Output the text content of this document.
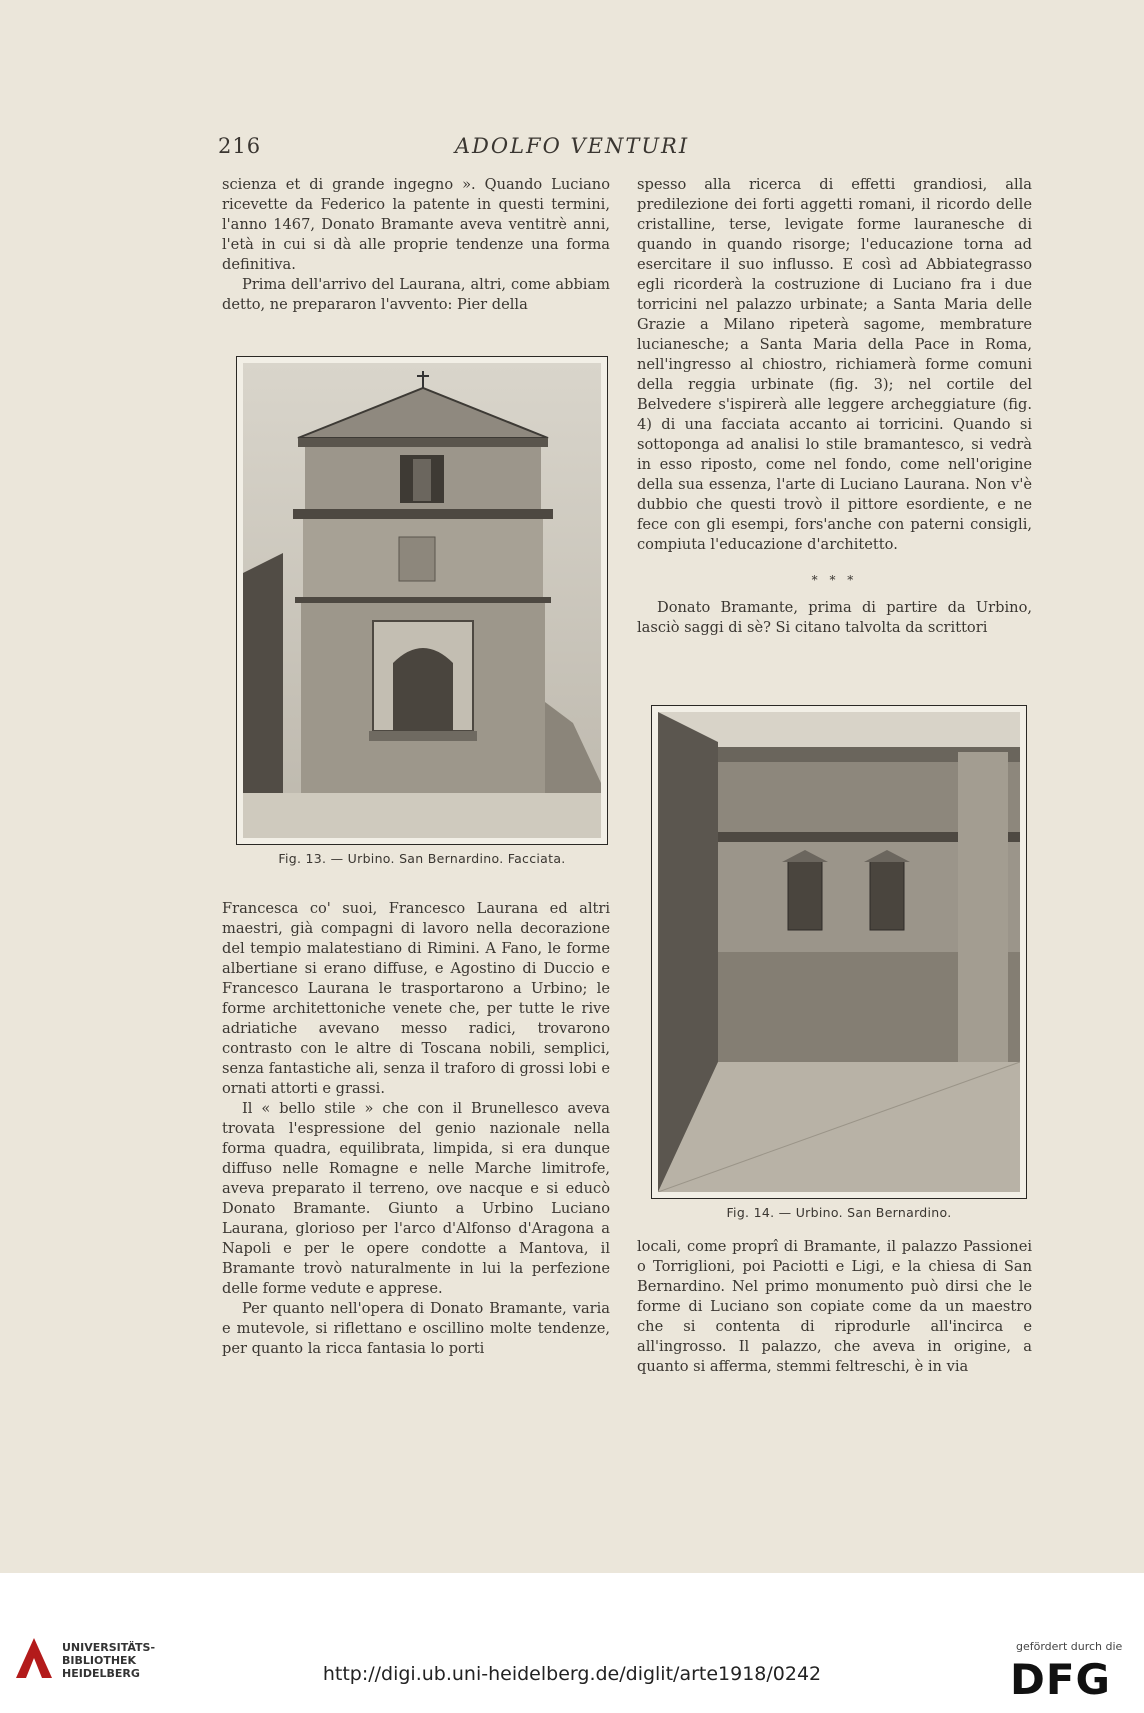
216	ADOLFO VENTURI

scienza et di grande ingegno ». Quando Luciano ricevette da Federico la patente in questi termini, l'anno 1467, Donato Bramante aveva ventitrè anni, l'età in cui si dà alle proprie tendenze una forma definitiva.

Prima dell'arrivo del Laurana, altri, come abbiam detto, ne prepararon l'avvento: Pier della

Fig. 13. — Urbino. San Bernardino. Facciata.

Francesca co' suoi, Francesco Laurana ed altri maestri, già compagni di lavoro nella decorazione del tempio malatestiano di Rimini. A Fano, le forme albertiane si erano diffuse, e Agostino di Duccio e Francesco Laurana le trasportarono a Urbino; le forme architettoniche venete che, per tutte le rive adriatiche avevano messo radici, trovarono contrasto con le altre di Toscana nobili, semplici, senza fantastiche ali, senza il traforo di grossi lobi e ornati attorti e grassi.

Il « bello stile » che con il Brunellesco aveva trovata l'espressione del genio nazionale nella forma quadra, equilibrata, limpida, si era dunque diffuso nelle Romagne e nelle Marche limitrofe, aveva preparato il terreno, ove nacque e si educò Donato Bramante. Giunto a Urbino Luciano Laurana, glorioso per l'arco d'Alfonso d'Aragona a Napoli e per le opere condotte a Mantova, il Bramante trovò naturalmente in lui la perfezione delle forme vedute e apprese.

Per quanto nell'opera di Donato Bramante, varia e mutevole, si riflettano e oscillino molte tendenze, per quanto la ricca fantasia lo porti

spesso alla ricerca di effetti grandiosi, alla predilezione dei forti aggetti romani, il ricordo delle cristalline, terse, levigate forme lauranesche di quando in quando risorge; l'educazione torna ad esercitare il suo influsso. E così ad Abbiategrasso egli ricorderà la costruzione di Luciano fra i due torricini nel palazzo urbinate; a Santa Maria delle Grazie a Milano ripeterà sagome, membrature lucianesche; a Santa Maria della Pace in Roma, nell'ingresso al chiostro, richiamerà forme comuni della reggia urbinate (fig. 3); nel cortile del Belvedere s'ispirerà alle leggere archeggiature (fig. 4) di una facciata accanto ai torricini. Quando si sottoponga ad analisi lo stile bramantesco, si vedrà in esso riposto, come nel fondo, come nell'origine della sua essenza, l'arte di Luciano Laurana. Non v'è dubbio che questi trovò il pittore esordiente, e ne fece con gli esempi, fors'anche con paterni consigli, compiuta l'educazione d'architetto.

* * *

Donato Bramante, prima di partire da Urbino, lasciò saggi di sè? Si citano talvolta da scrittori

Fig. 14. — Urbino. San Bernardino.

locali, come proprî di Bramante, il palazzo Passionei o Torriglioni, poi Paciotti e Ligi, e la chiesa di San Bernardino. Nel primo monumento può dirsi che le forme di Luciano son copiate come da un maestro che si contenta di riprodurle all'incirca e all'ingrosso. Il palazzo, che aveva in origine, a quanto si afferma, stemmi feltreschi, è in via

UNIVERSITÄTS-
BIBLIOTHEK
HEIDELBERG	http://digi.ub.uni-heidelberg.de/diglit/arte1918/0242
gefördert durch die
DFG
